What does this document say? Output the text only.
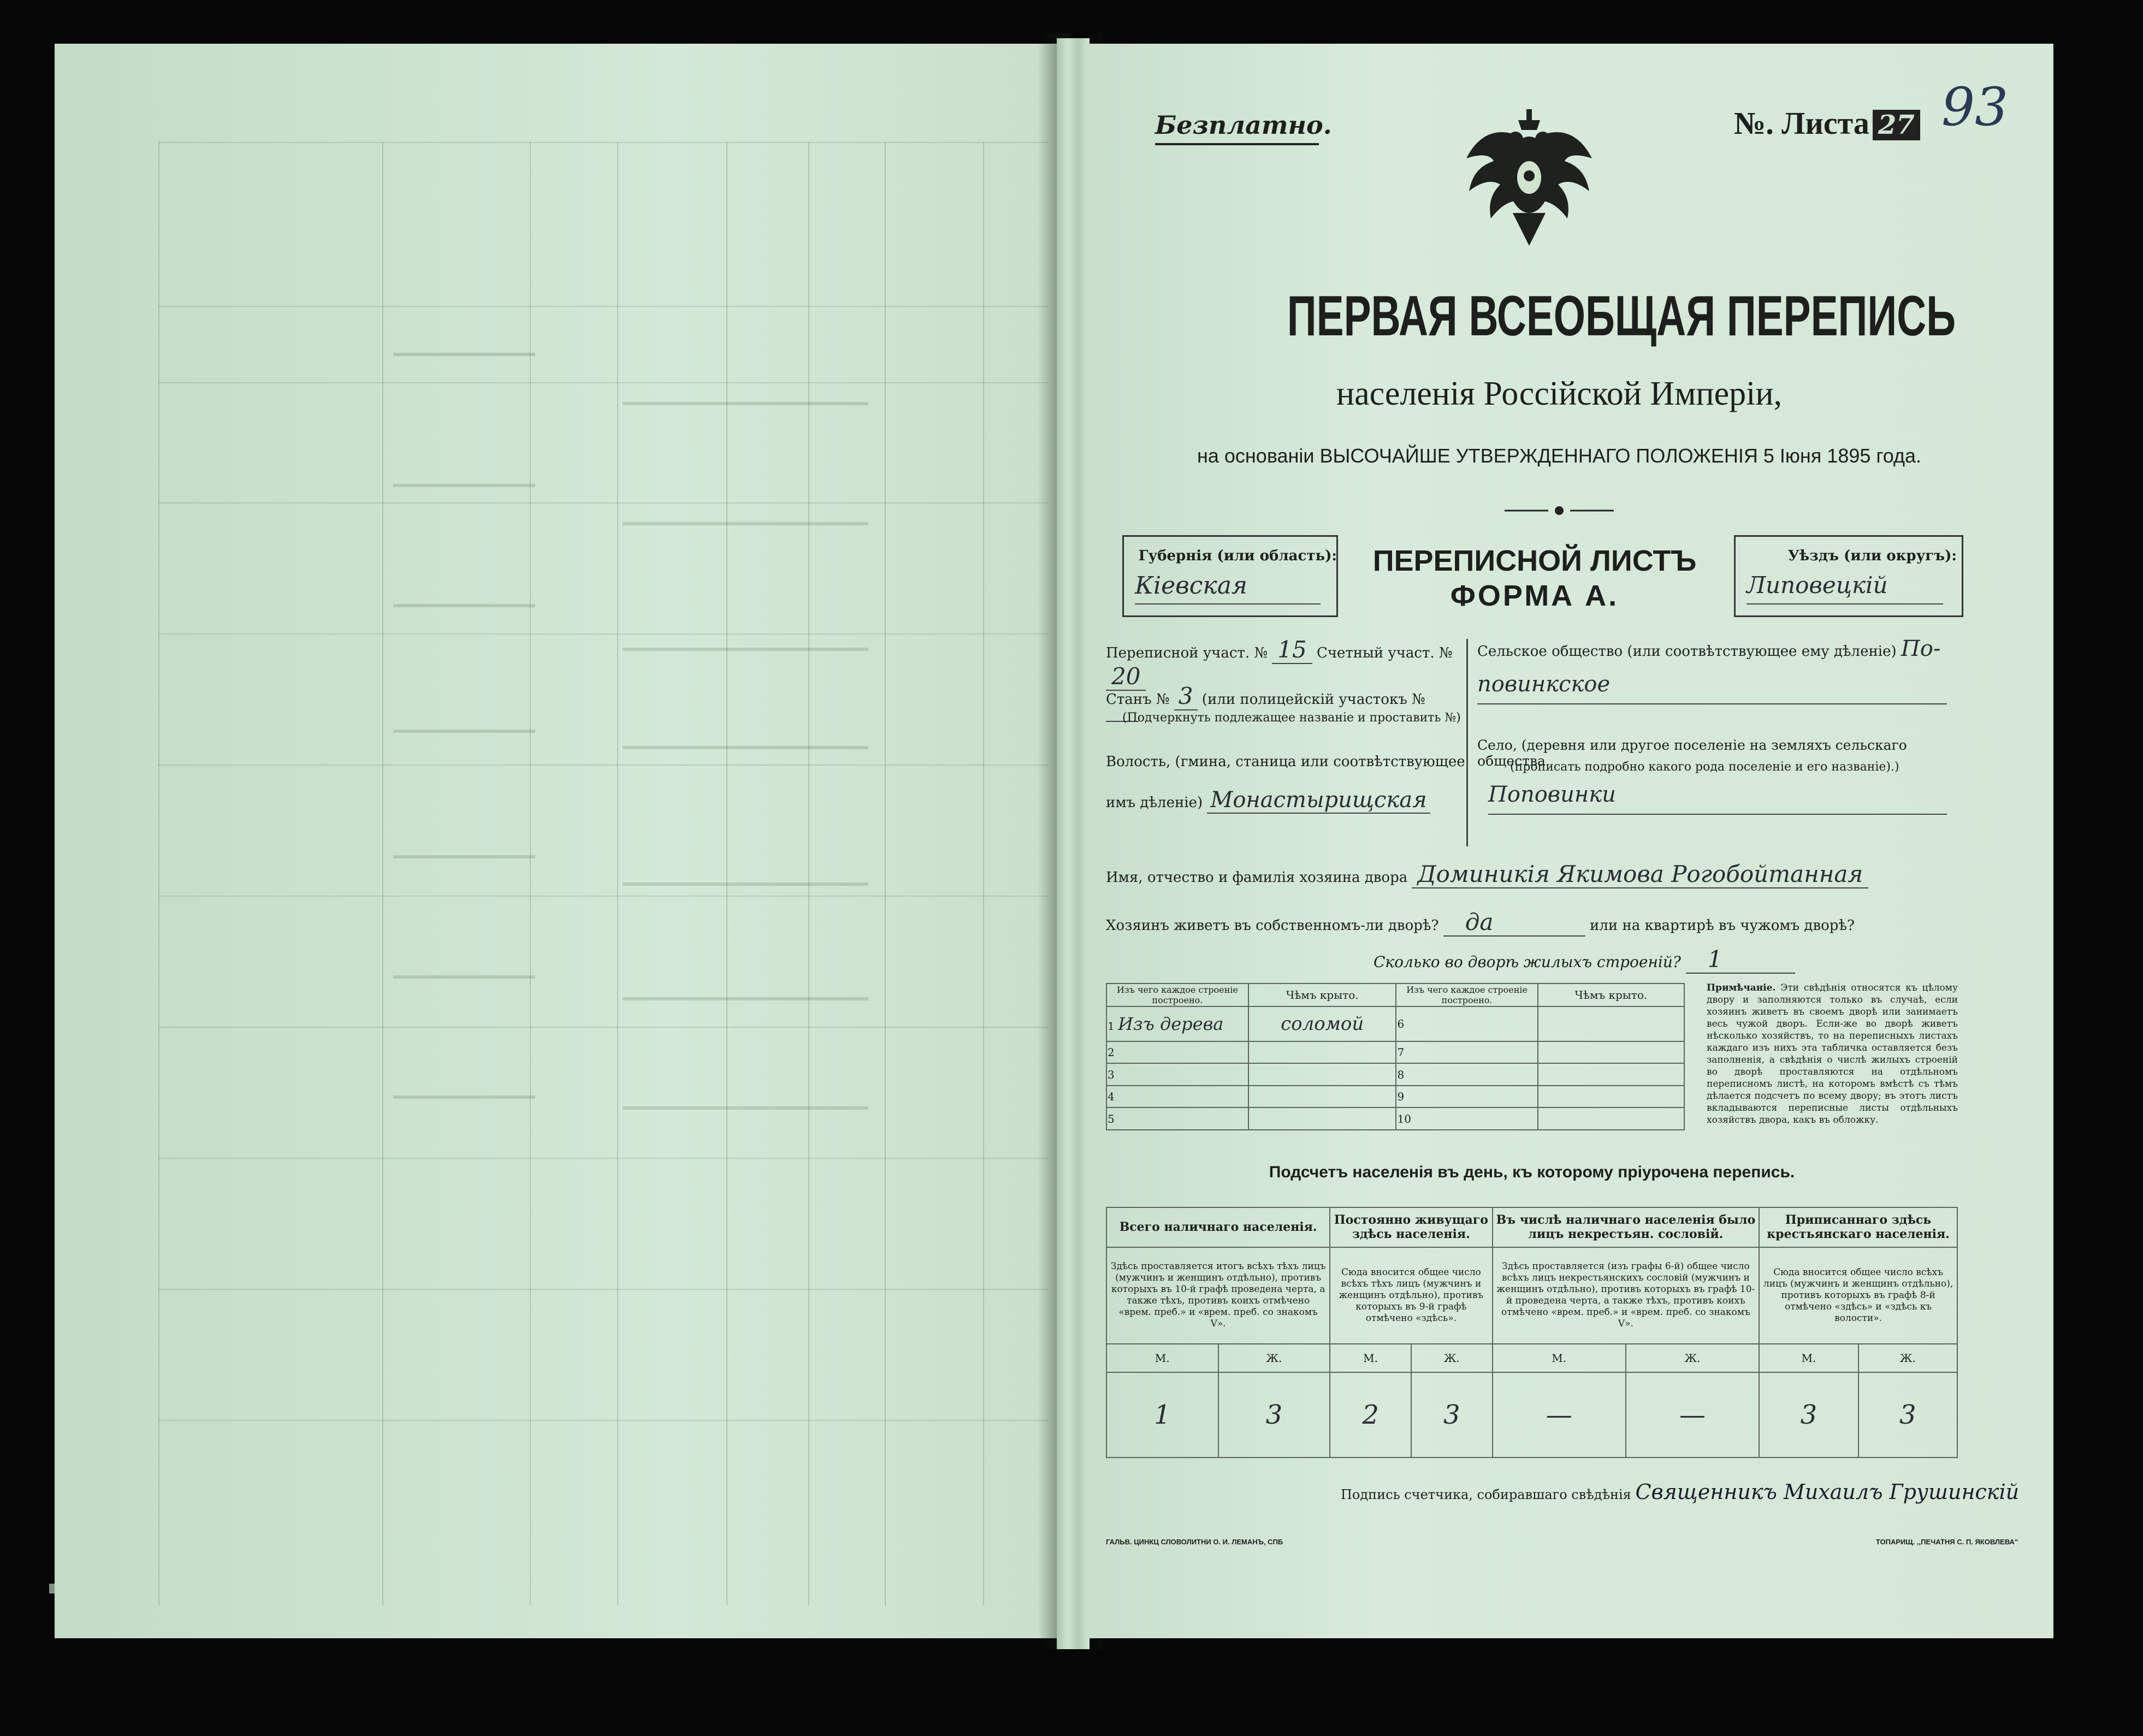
Безплатно.	№. Листа 27 93
ПЕРВАЯ ВСЕОБЩАЯ ПЕРЕПИСЬ
населенія Россійской Имперіи,
на основаніи ВЫСОЧАЙШЕ УТВЕРЖДЕННАГО ПОЛОЖЕНІЯ 5 Іюня 1895 года.
Губернія (или область):
Кіевская
ПЕРЕПИСНОЙ ЛИСТЪ
ФОРМА А.
Уѣздъ (или округъ):
Липовецкій
Переписной участ. № 15 Счетный участ. № 20
Станъ № 3 (или полицейскій участокъ №
(Подчеркнуть подлежащее названіе и проставить №)
Волость, (гмина, станица или соотвѣтствующее
имъ дѣленіе) Монастырищская
Сельское общество (или соотвѣтствующее ему дѣленіе) По-
повинкское
Село, (деревня или другое поселеніе на земляхъ сельскаго общества
(прописать подробно какого рода поселеніе и его названіе).)
Поповинки
Имя, отчество и фамилія хозяина двора Доминикія Якимова Рогобойтанная
Хозяинъ живетъ въ собственномъ-ли дворѣ? да	или на квартирѣ въ чужомъ дворѣ?
Сколько во дворѣ жилыхъ строеній? 1
Изъ чего каждое строеніе построено.	Чѣмъ крыто.	Изъ чего каждое строеніе построено.	Чѣмъ крыто.
1 Изъ дерева	соломой	6	
2		7	
3		8	
4		9	
5		10	
Примѣчаніе. Эти свѣдѣнія относятся къ цѣлому двору и заполняются только въ случаѣ, если хозяинъ живетъ въ своемъ дворѣ или занимаетъ весь чужой дворъ. Если-же во дворѣ живетъ нѣсколько хозяйствъ, то на переписныхъ листахъ каждаго изъ нихъ эта табличка оставляется безъ заполненія, а свѣдѣнія о числѣ жилыхъ строеній во дворѣ проставляются на отдѣльномъ переписномъ листѣ, на которомъ вмѣстѣ съ тѣмъ дѣлается подсчетъ по всему двору; въ этотъ листъ вкладываются переписные листы отдѣльныхъ хозяйствъ двора, какъ въ обложку.
Подсчетъ населенія въ день, къ которому пріурочена перепись.
Всего наличнаго населенія.		Постоянно живущаго здѣсь населенія.		Въ числѣ наличнаго населенія было лицъ некрестьян. сословій.		Приписаннаго здѣсь крестьянскаго населенія.	
Здѣсь проставляется итогъ всѣхъ тѣхъ лицъ (мужчинъ и женщинъ отдѣльно), противъ которыхъ въ 10-й графѣ проведена черта, а также тѣхъ, противъ коихъ отмѣчено «врем. преб.» и «врем. преб. со знакомъ V».		Сюда вносится общее число всѣхъ тѣхъ лицъ (мужчинъ и женщинъ отдѣльно), противъ которыхъ въ 9-й графѣ отмѣчено «здѣсь».		Здѣсь проставляется (изъ графы 6-й) общее число всѣхъ лицъ некрестьянскихъ сословій (мужчинъ и женщинъ отдѣльно), противъ которыхъ въ графѣ 10-й проведена черта, а также тѣхъ, противъ коихъ отмѣчено «врем. преб.» и «врем. преб. со знакомъ V».		Сюда вносится общее число всѣхъ лицъ (мужчинъ и женщинъ отдѣльно), противъ которыхъ въ графѣ 8-й отмѣчено «здѣсь» и «здѣсь къ волости».	
М.	Ж.	М.	Ж.	М.	Ж.	М.	Ж.
1	3	2	3	—	—	3	3
Подпись счетчика, собиравшаго свѣдѣнія Священникъ Михаилъ Грушинскій
ГАЛЬВ. ЦИНКЦ СЛОВОЛИТНИ О. И. ЛЕМАНЪ, СПБ	ТОПАРИЩ. ,,ПЕЧАТНЯ С. П. ЯКОВЛЕВА"
